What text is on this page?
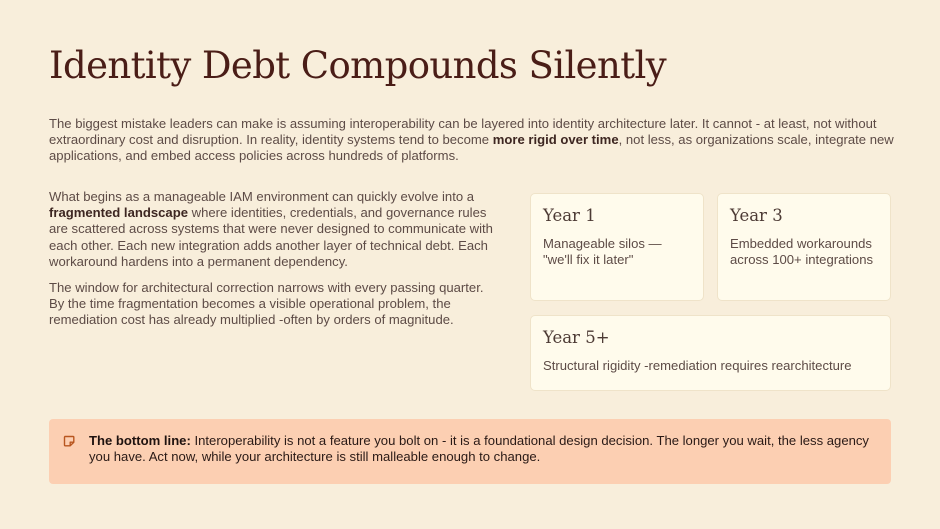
Identity Debt Compounds Silently

The biggest mistake leaders can make is assuming interoperability can be layered into identity architecture later. It cannot - at least, not without extraordinary cost and disruption. In reality, identity systems tend to become more rigid over time, not less, as organizations scale, integrate new applications, and embed access policies across hundreds of platforms.

What begins as a manageable IAM environment can quickly evolve into a fragmented landscape where identities, credentials, and governance rules are scattered across systems that were never designed to communicate with each other. Each new integration adds another layer of technical debt. Each workaround hardens into a permanent dependency.

The window for architectural correction narrows with every passing quarter. By the time fragmentation becomes a visible operational problem, the remediation cost has already multiplied -often by orders of magnitude.

Year 1
Manageable silos — "we'll fix it later"
Year 3
Embedded workarounds across 100+ integrations
Year 5+
Structural rigidity -remediation requires rearchitecture
The bottom line: Interoperability is not a feature you bolt on - it is a foundational design decision. The longer you wait, the less agency you have. Act now, while your architecture is still malleable enough to change.
